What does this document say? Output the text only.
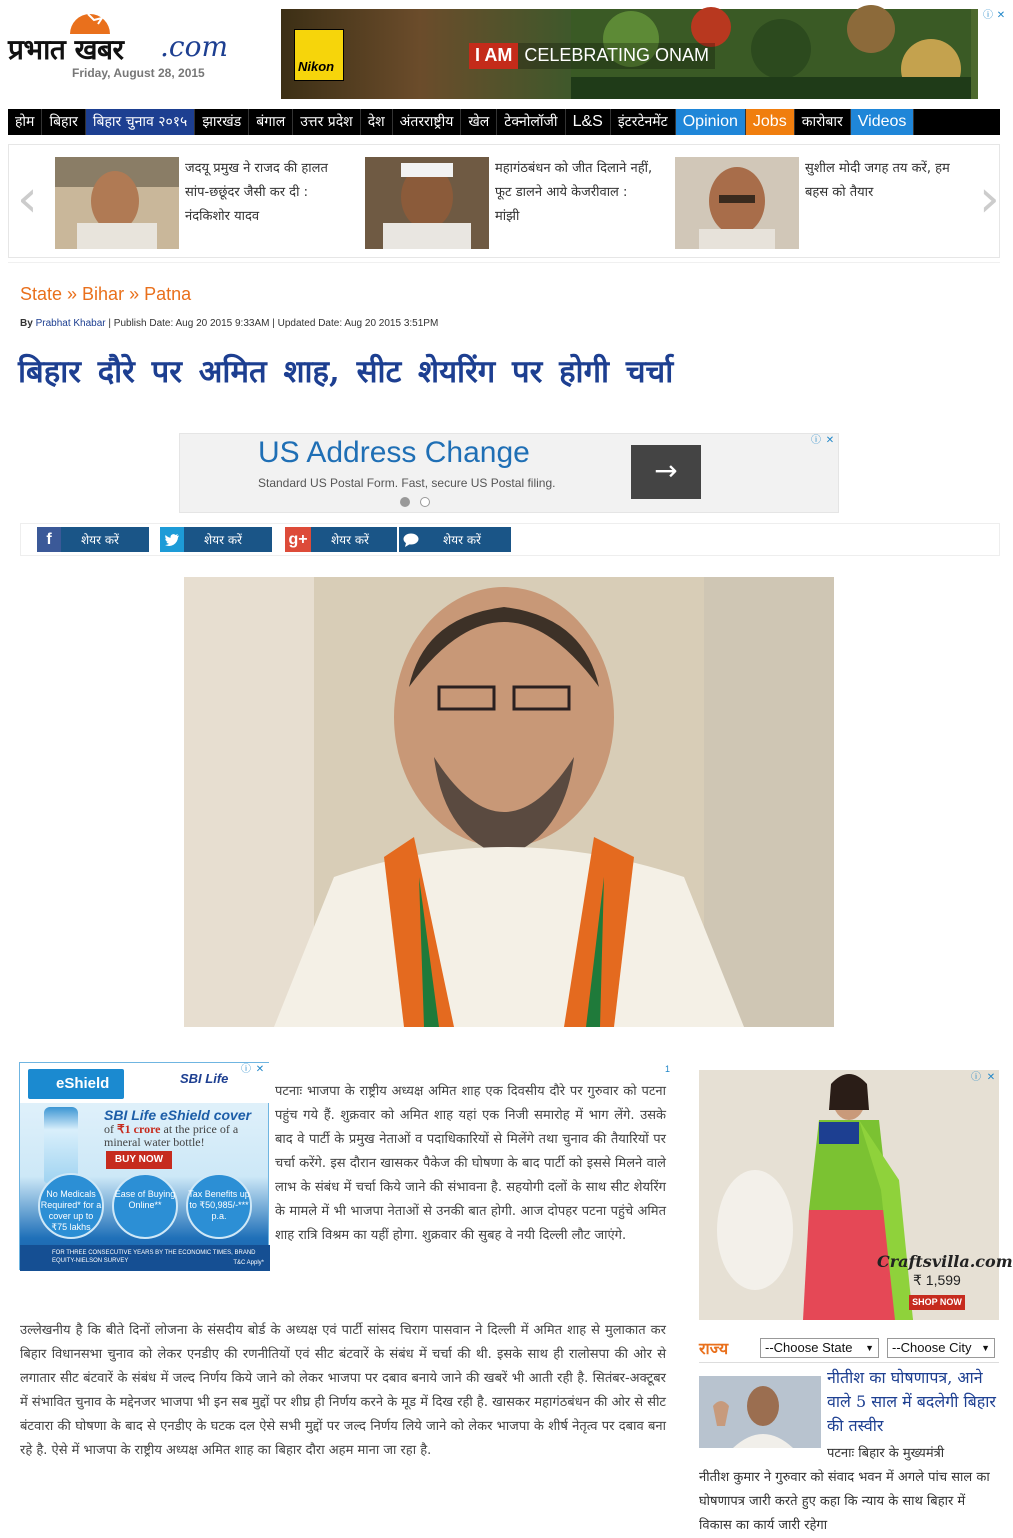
प्रभात खबर .com
Friday, August 28, 2015	Nikon
I AM CELEBRATING ONAM
ⓘ ✕
होम	बिहार	बिहार चुनाव २०१५	झारखंड	बंगाल	उत्तर प्रदेश	देश	अंतरराष्ट्रीय	खेल	टेक्नोलॉजी L&S	इंटरटेनमेंट Opinion Jobs	कारोबार Videos
‹
जदयू प्रमुख ने राजद की हालत सांप-छछूंदर जैसी कर दी : नंदकिशोर यादव
महागंठबंधन को जीत दिलाने नहीं, फूट डालने आये केजरीवाल : मांझी
सुशील मोदी जगह तय करें, हम बहस को तैयार	›
State » Bihar » Patna
By Prabhat Khabar | Publish Date: Aug 20 2015 9:33AM | Updated Date: Aug 20 2015 3:51PM
बिहार दौरे पर अमित शाह, सीट शेयरिंग पर होगी चर्चा
US Address Change
Standard US Postal Form. Fast, secure US Postal filing.	→
ⓘ ✕
f	शेयर करें	शेयर करें	g+ शेयर करें	शेयर करें
eShield	SBI Life
SBI Life eShield cover
of ₹1 crore at the price of a mineral water bottle!
BUY NOW
No Medicals Required* for a cover up to ₹75 lakhs
Ease of Buying Online**
Tax Benefits up to ₹50,985/-*** p.a.
FOR THREE CONSECUTIVE YEARS BY THE ECONOMIC TIMES, BRAND EQUITY-NIELSON SURVEY	T&C Apply*
ⓘ ✕	1

पटनाः भाजपा के राष्ट्रीय अध्यक्ष अमित शाह एक दिवसीय दौरे पर गुरुवार को पटना पहुंच गये हैं. शुक्रवार को अमित शाह यहां एक निजी समारोह में भाग लेंगे. उसके बाद वे पार्टी के प्रमुख नेताओं व पदाधिकारियों से मिलेंगे तथा चुनाव की तैयारियों पर चर्चा करेंगे. इस दौरान खासकर पैकेज की घोषणा के बाद पार्टी को इससे मिलने वाले लाभ के संबंध में चर्चा किये जाने की संभावना है. सहयोगी दलों के साथ सीट शेयरिंग के मामले में भी भाजपा नेताओं से उनकी बात होगी. आज दोपहर पटना पहुंचे अमित शाह रात्रि विश्रम का यहीं होगा. शुक्रवार की सुबह वे नयी दिल्ली लौट जाएंगे.

उल्लेखनीय है कि बीते दिनों लोजना के संसदीय बोर्ड के अध्यक्ष एवं पार्टी सांसद चिराग पासवान ने दिल्ली में अमित शाह से मुलाकात कर बिहार विधानसभा चुनाव को लेकर एनडीए की रणनीतियों एवं सीट बंटवारें के संबंध में चर्चा की थी. इसके साथ ही रालोसपा की ओर से लगातार सीट बंटवारें के संबंध में जल्द निर्णय किये जाने को लेकर भाजपा पर दबाव बनाये जाने की खबरें भी आती रही है. सितंबर-अक्टूबर में संभावित चुनाव के मद्देनजर भाजपा भी इन सब मुद्दों पर शीघ्र ही निर्णय करने के मूड में दिख रही है. खासकर महागंठबंधन की ओर से सीट बंटवारा की घोषणा के बाद से एनडीए के घटक दल ऐसे सभी मुद्दों पर जल्द निर्णय लिये जाने को लेकर भाजपा के शीर्ष नेतृत्व पर दबाव बना रहे है. ऐसे में भाजपा के राष्ट्रीय अध्यक्ष अमित शाह का बिहार दौरा अहम माना जा रहा है.

Craftsvilla.com
₹ 1,599
SHOP NOW
ⓘ ✕
राज्य	--Choose State ▼	--Choose City ▼
नीतीश का घोषणापत्र, आने वाले 5 साल में बदलेगी बिहार की तस्वीर
पटनाः बिहार के मुख्यमंत्री
नीतीश कुमार ने गुरुवार को संवाद भवन में अगले पांच साल का घोषणापत्र जारी करते हुए कहा कि न्याय के साथ बिहार में विकास का कार्य जारी रहेगा
